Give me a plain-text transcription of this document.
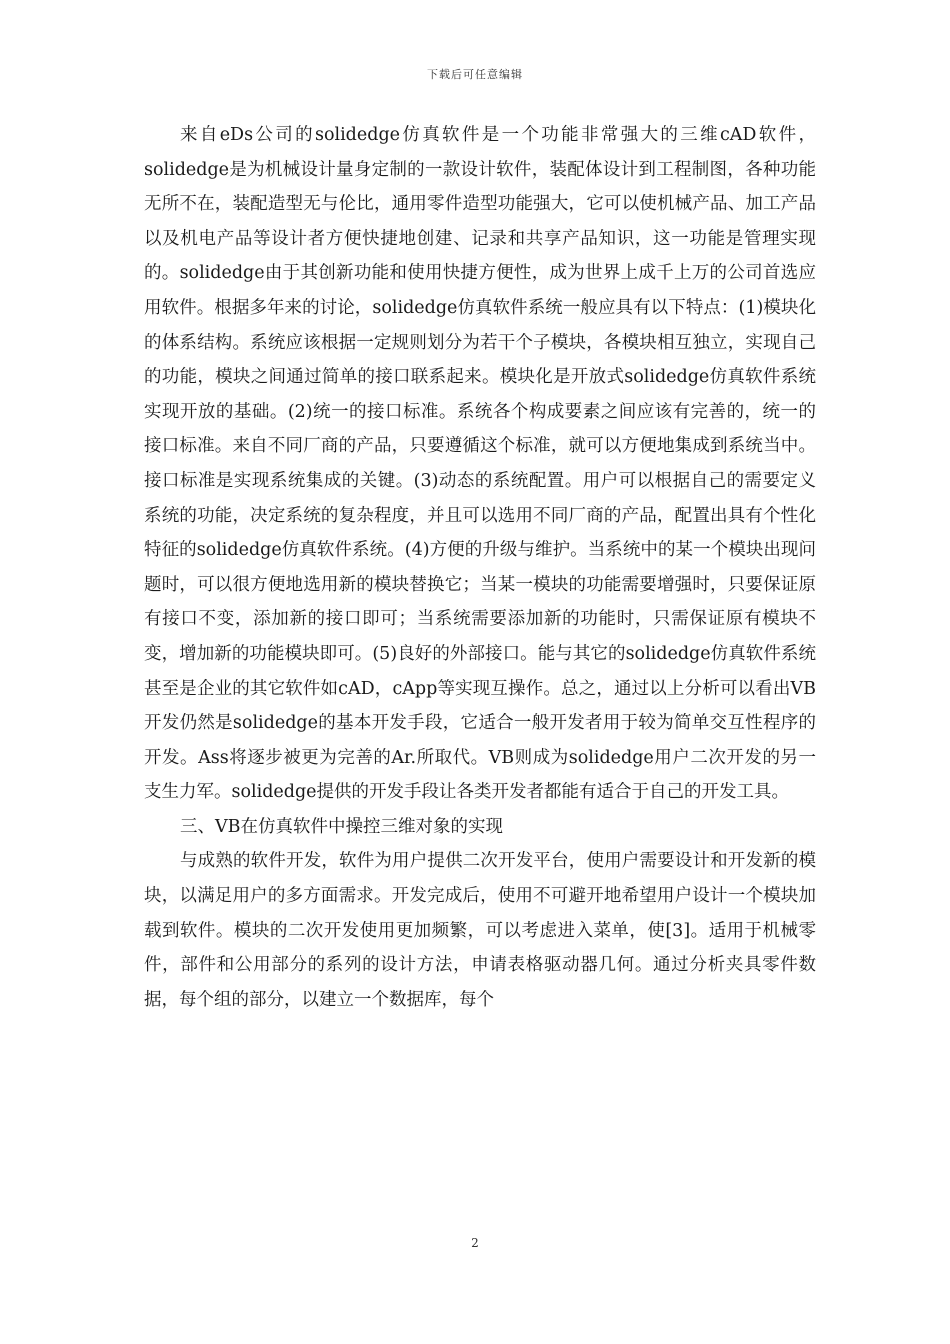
下载后可任意编辑

来自eDs公司的solidedge仿真软件是一个功能非常强大的三维cAD软件，solidedge是为机械设计量身定制的一款设计软件，装配体设计到工程制图，各种功能无所不在，装配造型无与伦比，通用零件造型功能强大，它可以使机械产品、加工产品以及机电产品等设计者方便快捷地创建、记录和共享产品知识，这一功能是管理实现的。solidedge由于其创新功能和使用快捷方便性，成为世界上成千上万的公司首选应用软件。根据多年来的讨论，solidedge仿真软件系统一般应具有以下特点：(1)模块化的体系结构。系统应该根据一定规则划分为若干个子模块，各模块相互独立，实现自己的功能，模块之间通过简单的接口联系起来。模块化是开放式solidedge仿真软件系统实现开放的基础。(2)统一的接口标准。系统各个构成要素之间应该有完善的，统一的接口标准。来自不同厂商的产品，只要遵循这个标准，就可以方便地集成到系统当中。接口标准是实现系统集成的关键。(3)动态的系统配置。用户可以根据自己的需要定义系统的功能，决定系统的复杂程度，并且可以选用不同厂商的产品，配置出具有个性化特征的solidedge仿真软件系统。(4)方便的升级与维护。当系统中的某一个模块出现问题时，可以很方便地选用新的模块替换它；当某一模块的功能需要增强时，只要保证原有接口不变，添加新的接口即可；当系统需要添加新的功能时，只需保证原有模块不变，增加新的功能模块即可。(5)良好的外部接口。能与其它的solidedge仿真软件系统甚至是企业的其它软件如cAD，cApp等实现互操作。总之，通过以上分析可以看出VB开发仍然是solidedge的基本开发手段，它适合一般开发者用于较为简单交互性程序的开发。Ass将逐步被更为完善的Ar.所取代。VB则成为solidedge用户二次开发的另一支生力军。solidedge提供的开发手段让各类开发者都能有适合于自己的开发工具。

三、VB在仿真软件中操控三维对象的实现

与成熟的软件开发，软件为用户提供二次开发平台，使用户需要设计和开发新的模块，以满足用户的多方面需求。开发完成后，使用不可避开地希望用户设计一个模块加载到软件。模块的二次开发使用更加频繁，可以考虑进入菜单，使[3]。适用于机械零件，部件和公用部分的系列的设计方法，申请表格驱动器几何。通过分析夹具零件数据，每个组的部分，以建立一个数据库，每个

2
